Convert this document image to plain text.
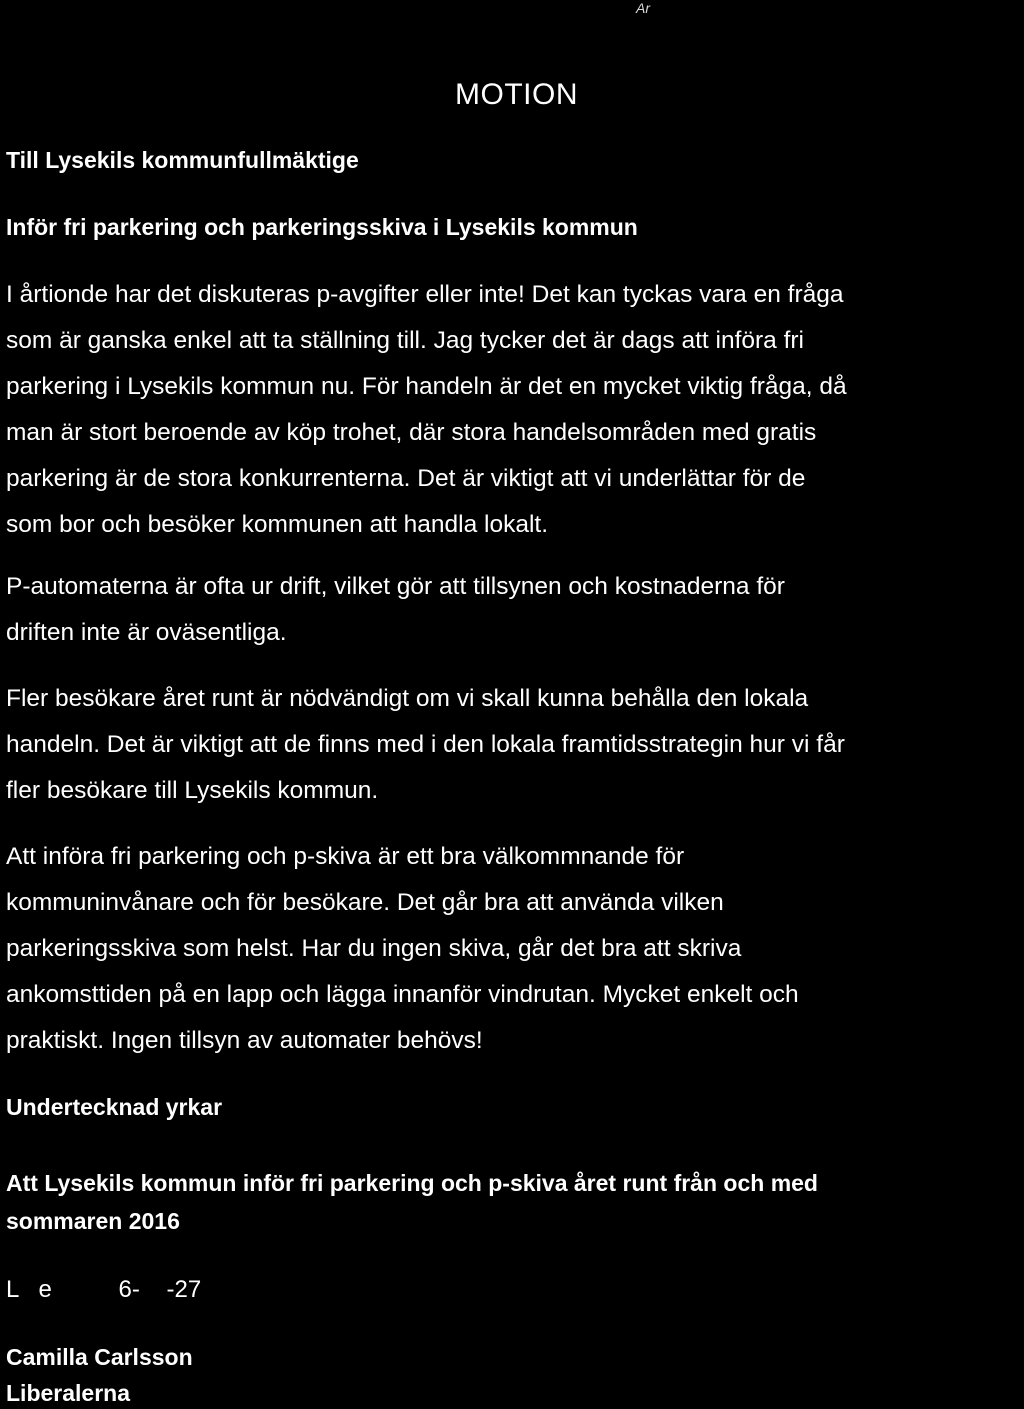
Ar
MOTION
Till Lysekils kommunfullmäktige
Inför fri parkering och parkeringsskiva i Lysekils kommun
I årtionde har det diskuteras p-avgifter eller inte! Det kan tyckas vara en fråga
som är ganska enkel att ta ställning till. Jag tycker det är dags att införa fri
parkering i Lysekils kommun nu. För handeln är det en mycket viktig fråga, då
man är stort beroende av köp trohet, där stora handelsområden med gratis
parkering är de stora konkurrenterna. Det är viktigt att vi underlättar för de
som bor och besöker kommunen att handla lokalt.
P-automaterna är ofta ur drift, vilket gör att tillsynen och kostnaderna för
driften inte är oväsentliga.
Fler besökare året runt är nödvändigt om vi skall kunna behålla den lokala
handeln. Det är viktigt att de finns med i den lokala framtidsstrategin hur vi får
fler besökare till Lysekils kommun.
Att införa fri parkering och p-skiva är ett bra välkommnande för
kommuninvånare och för besökare. Det går bra att använda vilken
parkeringsskiva som helst. Har du ingen skiva, går det bra att skriva
ankomsttiden på en lapp och lägga innanför vindrutan. Mycket enkelt och
praktiskt. Ingen tillsyn av automater behövs!
Undertecknad yrkar
Att Lysekils kommun inför fri parkering och p-skiva året runt från och med
sommaren 2016
L   e          6-    -27
Camilla Carlsson
Liberalerna
